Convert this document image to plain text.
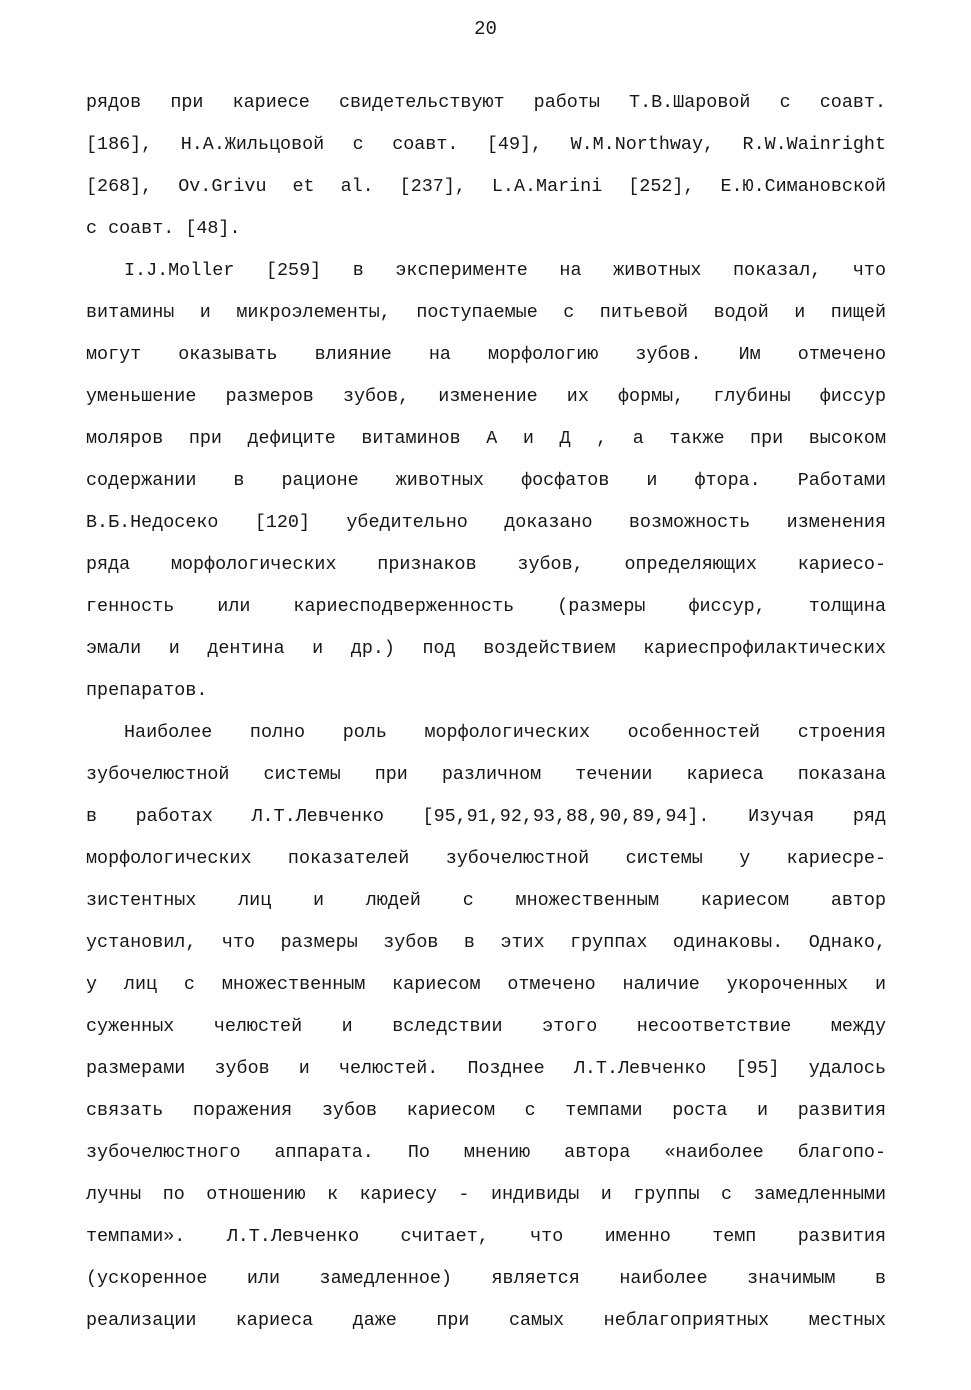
20
рядов при кариесе свидетельствуют работы Т.В.Шаровой с соавт.
[186], Н.А.Жильцовой с соавт. [49], W.M.Northway, R.W.Wainright
[268], Ov.Grivu et al. [237], L.A.Marini [252], Е.Ю.Симановской
с соавт. [48].
I.J.Moller [259] в эксперименте на животных показал, что
витамины и микроэлементы, поступаемые с питьевой водой и пищей
могут оказывать влияние на морфологию зубов. Им отмечено
уменьшение размеров зубов, изменение их формы, глубины фиссур
моляров при дефиците витаминов А и Д , а также при высоком
содержании в рационе животных фосфатов и фтора. Работами
В.Б.Недосеко [120] убедительно доказано возможность изменения
ряда морфологических признаков зубов, определяющих кариесо-
генность или кариесподверженность (размеры фиссур, толщина
эмали и дентина и др.) под воздействием кариеспрофилактических
препаратов.
Наиболее полно роль морфологических особенностей строения
зубочелюстной системы при различном течении кариеса показана
в работах Л.Т.Левченко [95,91,92,93,88,90,89,94]. Изучая ряд
морфологических показателей зубочелюстной системы у кариесре-
зистентных лиц и людей с множественным кариесом автор
установил, что размеры зубов в этих группах одинаковы. Однако,
у лиц с множественным кариесом отмечено наличие укороченных и
суженных челюстей и вследствии этого несоответствие между
размерами зубов и челюстей. Позднее Л.Т.Левченко [95] удалось
связать поражения зубов кариесом с темпами роста и развития
зубочелюстного аппарата. По мнению автора «наиболее благопо-
лучны по отношению к кариесу - индивиды и группы с замедленными
темпами». Л.Т.Левченко считает, что именно темп развития
(ускоренное или замедленное) является наиболее значимым в
реализации кариеса даже при самых неблагоприятных местных
